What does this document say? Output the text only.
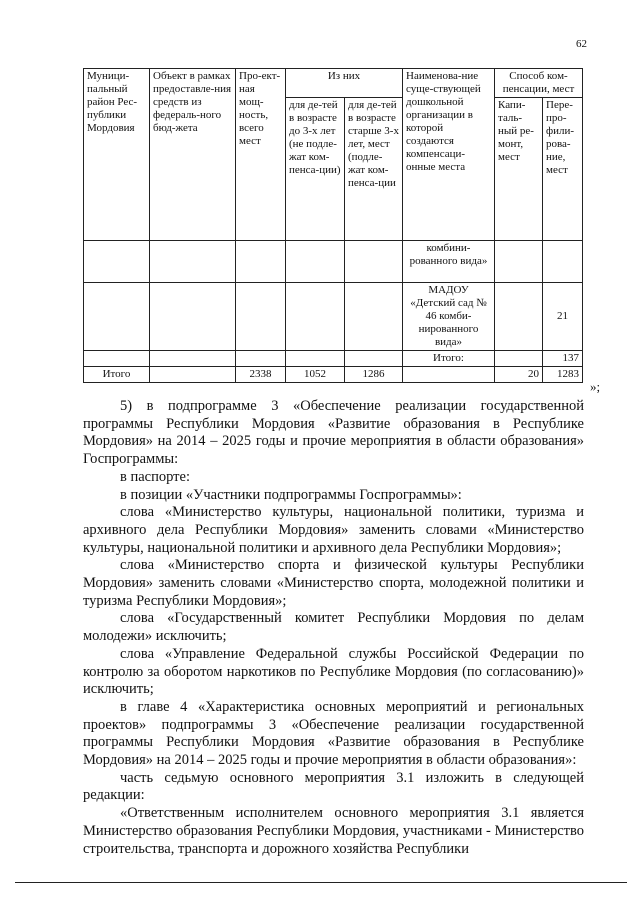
62
Муници-пальный район Рес-публики Мордовия	Объект в рамках предоставле-ния средств из федераль-ного бюд-жета	Про-ект-ная мощ-ность, всего мест	Из них		Наименова-ние суще-ствующей дошкольной организации в которой создаются компенсаци-онные места	Способ ком-пенсации, мест	
			для де-тей в возрасте до 3-х лет (не подле-жат ком-пенса-ции)	для де-тей в возрасте старше 3-х лет, мест (подле-жат ком-пенса-ции		Капи-таль-ный ре-монт, мест	Пере-про-фили-рова-ние, мест
					комбини-рованного вида»		
					МАДОУ «Детский сад № 46 комби-нированного вида»		21
					Итого:		137
Итого		2338	1052	1286		20	1283
»;

5) в подпрограмме 3 «Обеспечение реализации государственной программы Республики Мордовия «Развитие образования в Республике Мордовия» на 2014 – 2025 годы и прочие мероприятия в области образования» Госпрограммы:

в паспорте:

в позиции «Участники подпрограммы Госпрограммы»:

слова «Министерство культуры, национальной политики, туризма и архивного дела Республики Мордовия» заменить словами «Министерство культуры, национальной политики и архивного дела Республики Мордовия»;

слова «Министерство спорта и физической культуры Республики Мордовия» заменить словами «Министерство спорта, молодежной политики и туризма Республики Мордовия»;

слова «Государственный комитет Республики Мордовия по делам молодежи» исключить;

слова «Управление Федеральной службы Российской Федерации по контролю за оборотом наркотиков по Республике Мордовия (по согласованию)» исключить;

в главе 4 «Характеристика основных мероприятий и региональных проектов» подпрограммы 3 «Обеспечение реализации государственной программы Республики Мордовия «Развитие образования в Республике Мордовия» на 2014 – 2025 годы и прочие мероприятия в области образования»:

часть седьмую основного мероприятия 3.1 изложить в следующей редакции:

«Ответственным исполнителем основного мероприятия 3.1 является Министерство образования Республики Мордовия, участниками - Министерство строительства, транспорта и дорожного хозяйства Республики
